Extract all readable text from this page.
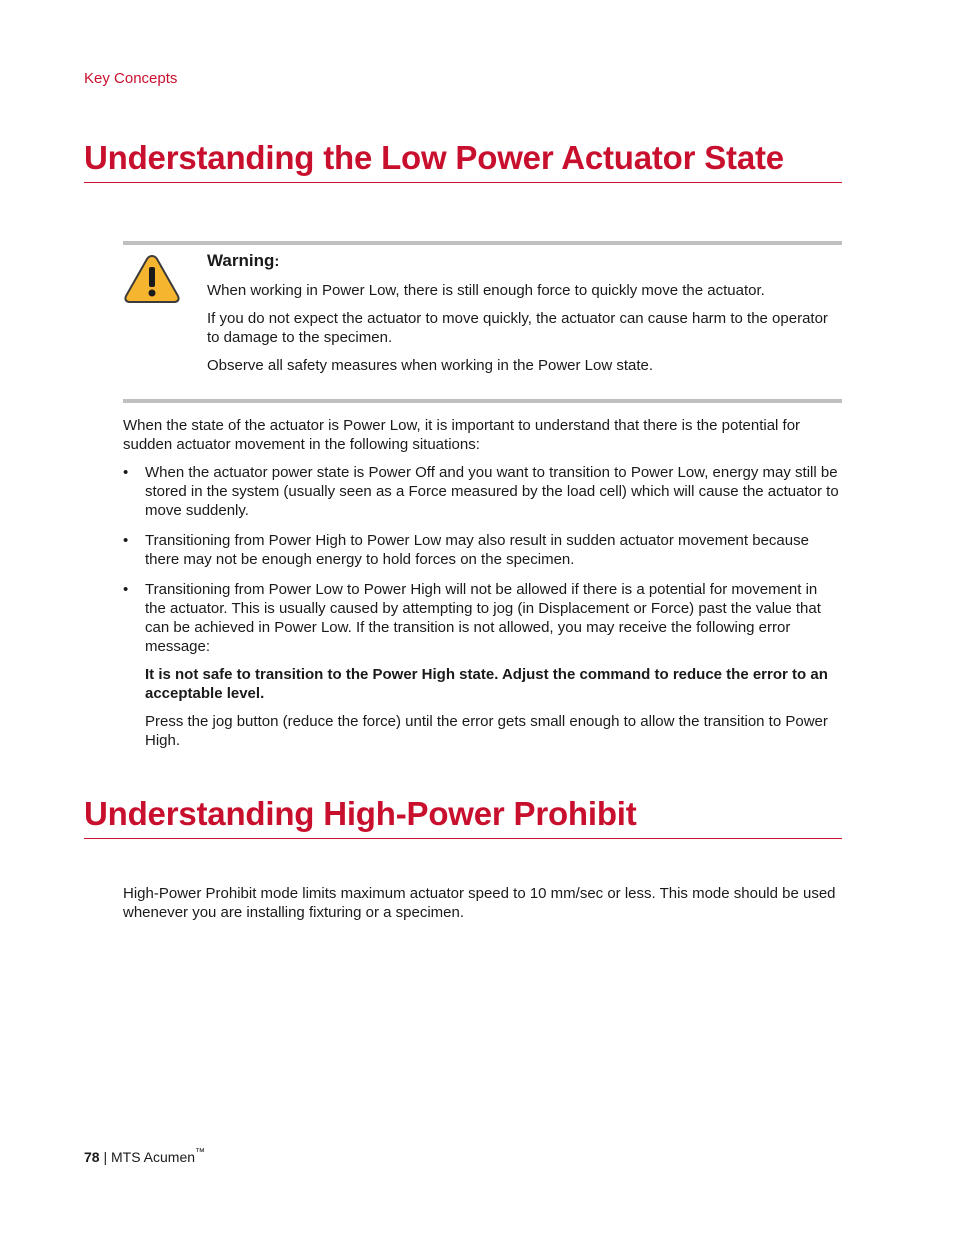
Key Concepts
Understanding the Low Power Actuator State
Warning:

When working in Power Low, there is still enough force to quickly move the actuator.

If you do not expect the actuator to move quickly, the actuator can cause harm to the operator to damage to the specimen.

Observe all safety measures when working in the Power Low state.

When the state of the actuator is Power Low, it is important to understand that there is the potential for sudden actuator movement in the following situations:

• When the actuator power state is Power Off and you want to transition to Power Low, energy may still be stored in the system (usually seen as a Force measured by the load cell) which will cause the actuator to move suddenly.

• Transitioning from Power High to Power Low may also result in sudden actuator movement because there may not be enough energy to hold forces on the specimen.

• Transitioning from Power Low to Power High will not be allowed if there is a potential for movement in the actuator. This is usually caused by attempting to jog (in Displacement or Force) past the value that can be achieved in Power Low. If the transition is not allowed, you may receive the following error message:

It is not safe to transition to the Power High state. Adjust the command to reduce the error to an acceptable level.

Press the jog button (reduce the force) until the error gets small enough to allow the transition to Power High.

Understanding High-Power Prohibit

High-Power Prohibit mode limits maximum actuator speed to 10 mm/sec or less. This mode should be used whenever you are installing fixturing or a specimen.

78 | MTS Acumen™
